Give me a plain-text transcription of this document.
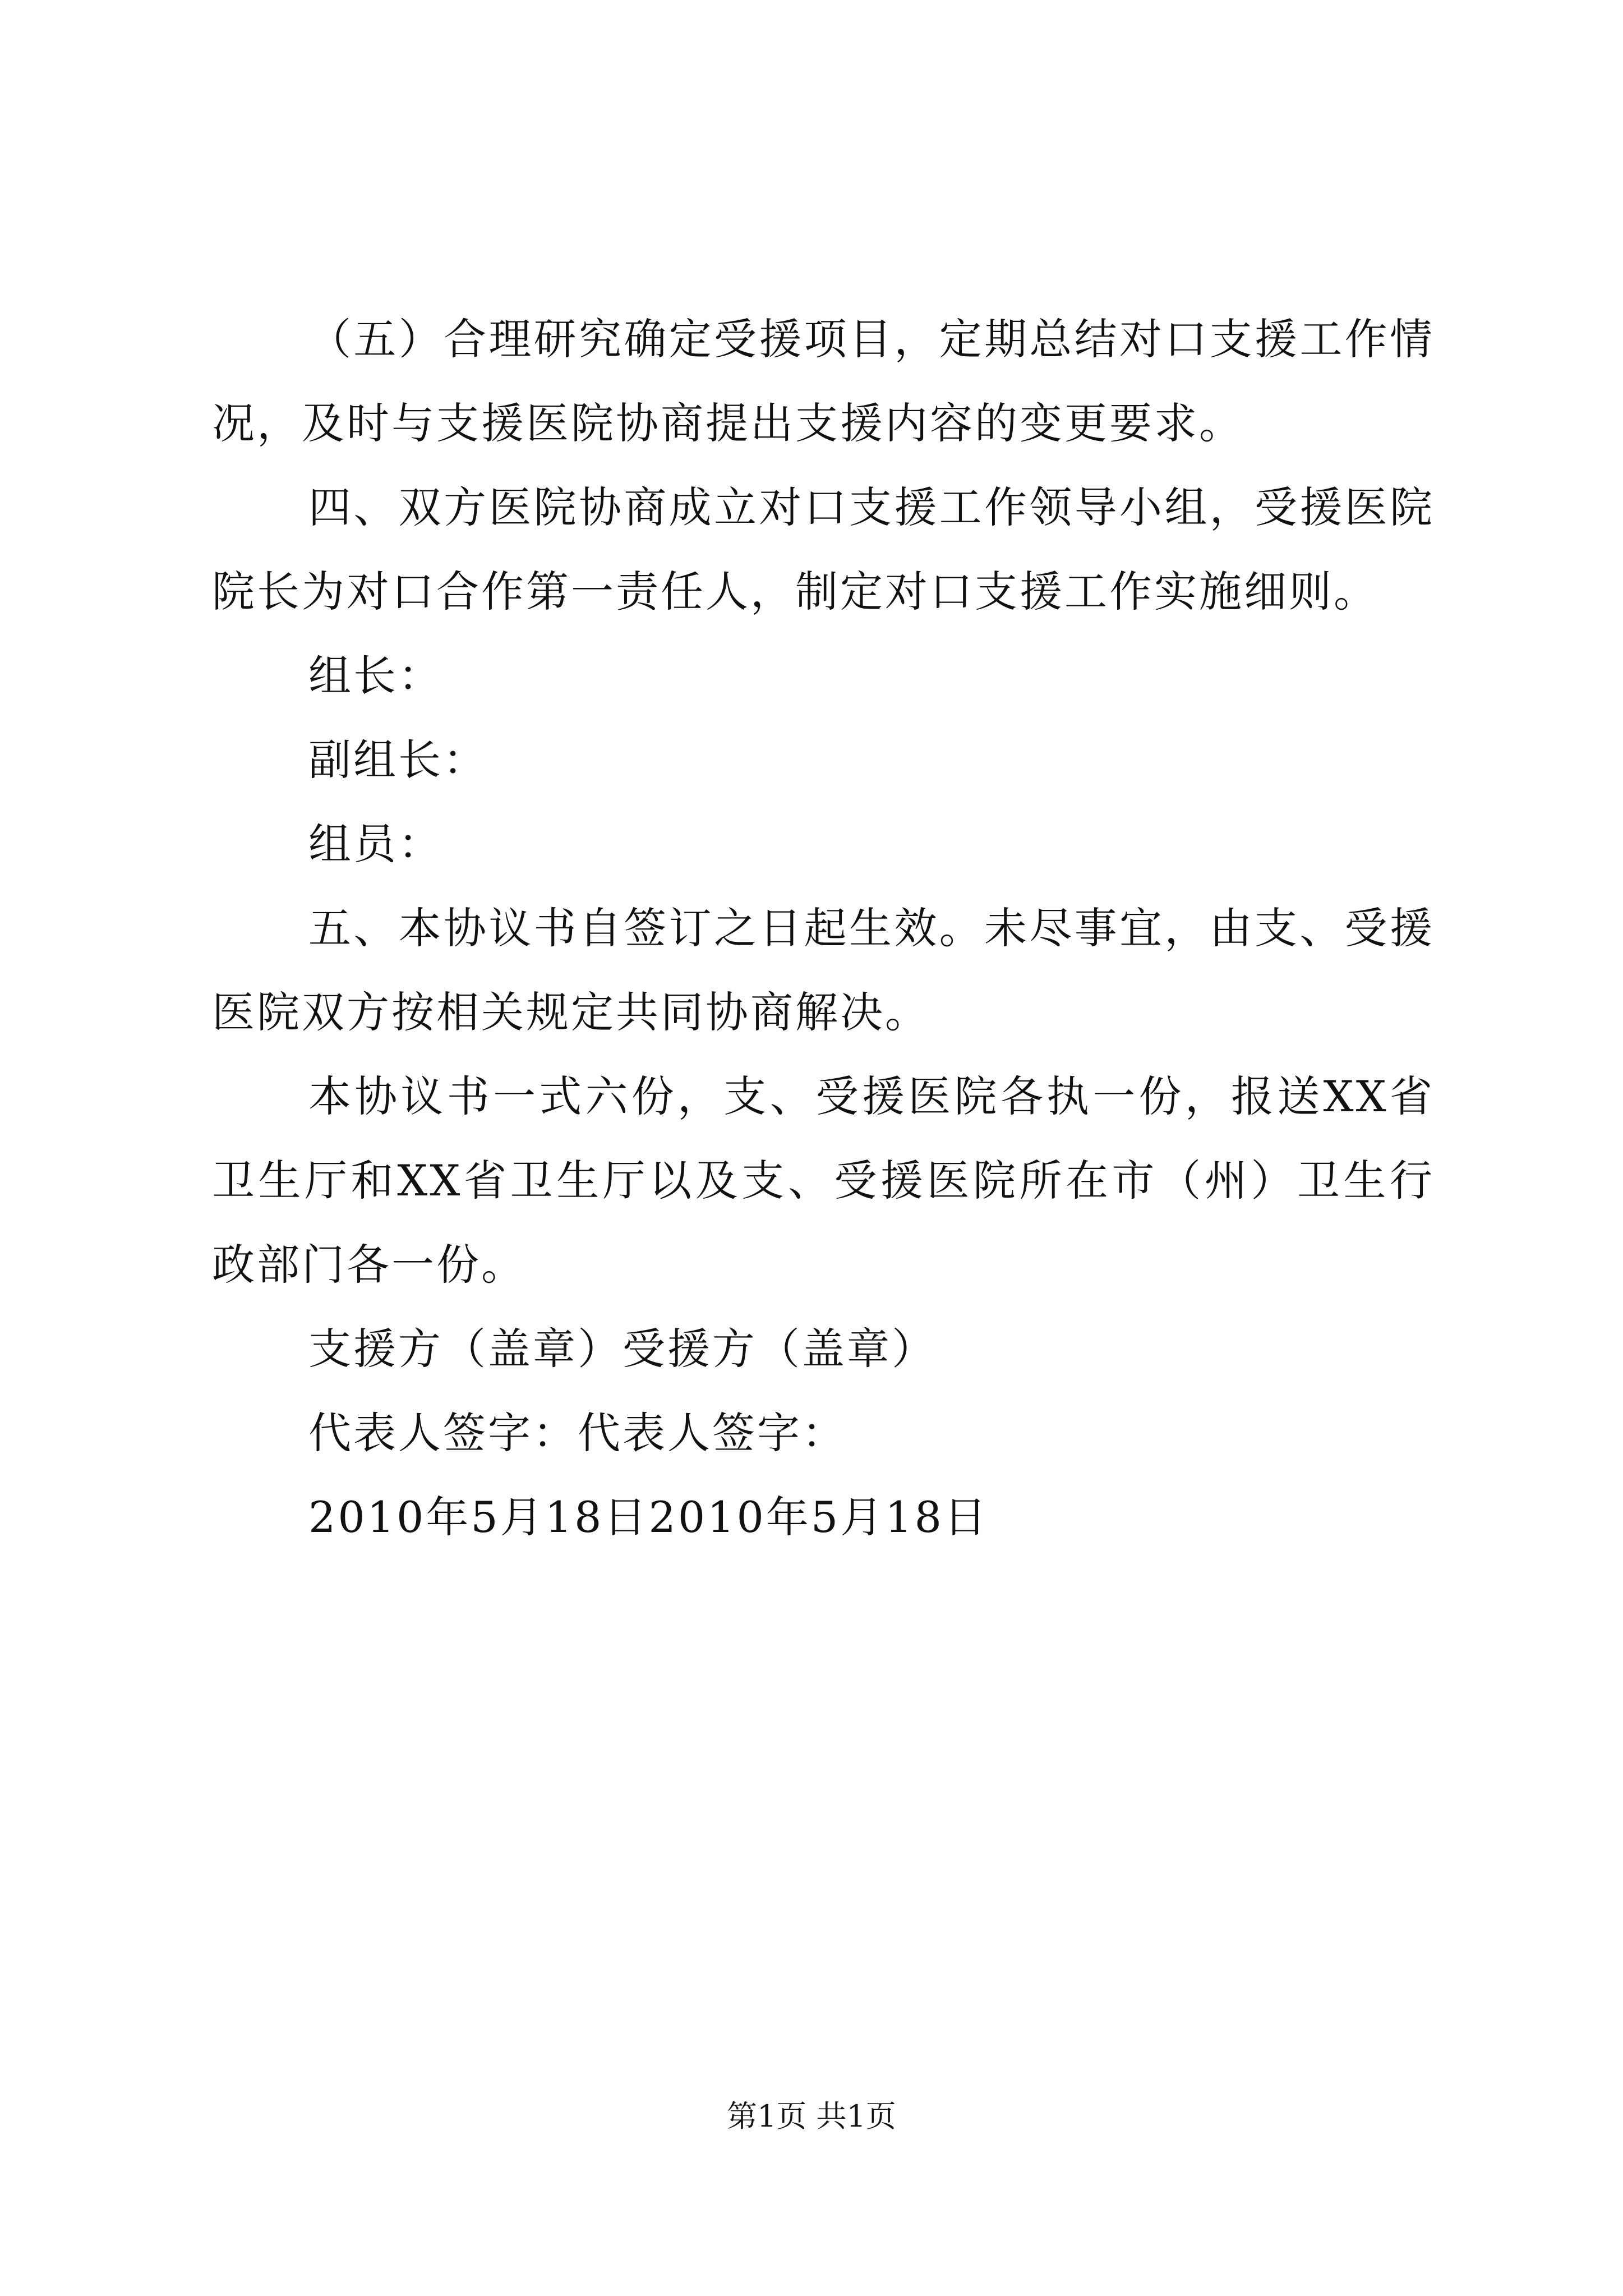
（五）合理研究确定受援项目，定期总结对口支援工作情况，及时与支援医院协商提出支援内容的变更要求。

四、双方医院协商成立对口支援工作领导小组，受援医院院长为对口合作第一责任人，制定对口支援工作实施细则。

组长：

副组长：

组员：

五、本协议书自签订之日起生效。未尽事宜，由支、受援医院双方按相关规定共同协商解决。

本协议书一式六份，支、受援医院各执一份，报送XX省卫生厅和XX省卫生厅以及支、受援医院所在市（州）卫生行政部门各一份。

支援方（盖章）受援方（盖章）

代表人签字：代表人签字：

2010年5月18日2010年5月18日

第1页 共1页
